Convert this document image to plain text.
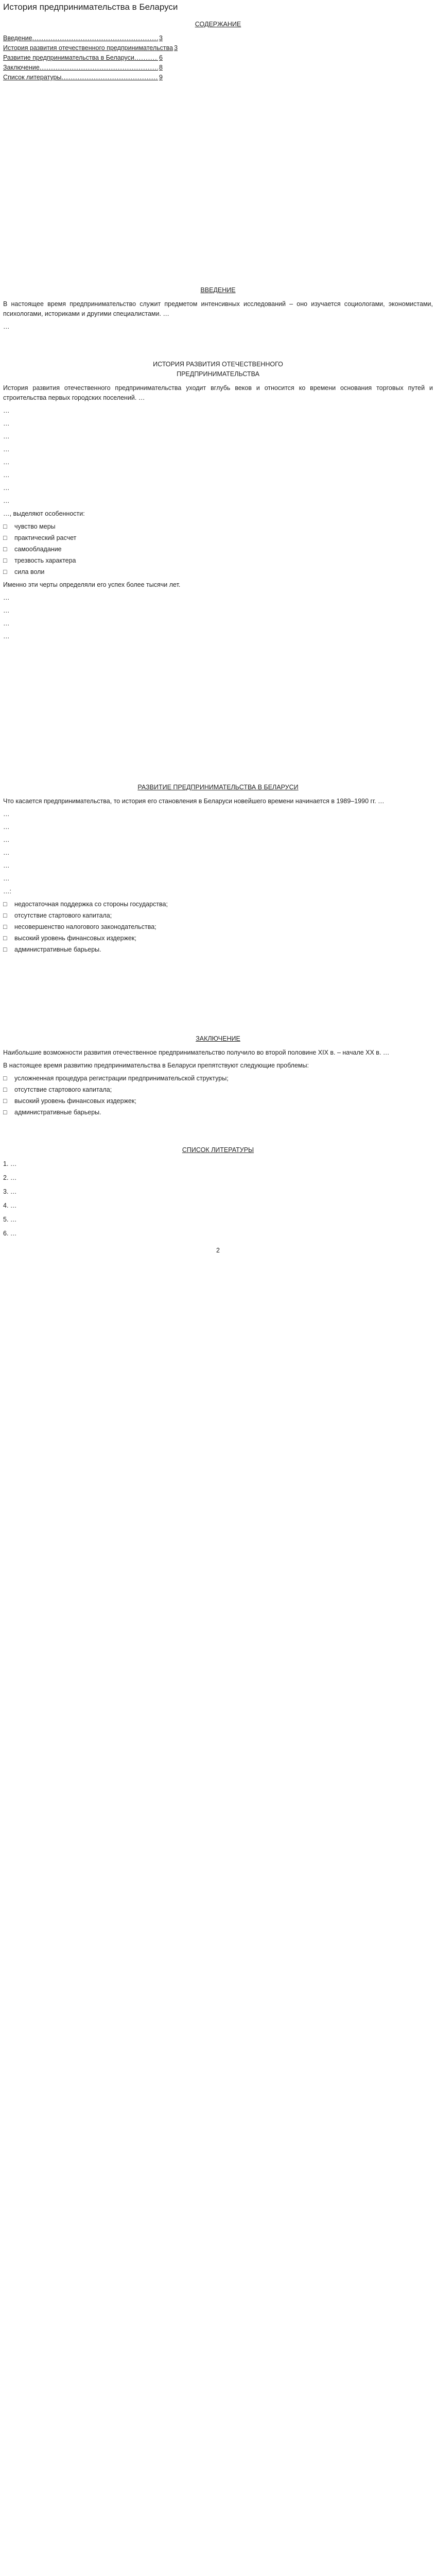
История предпринимательства в Беларуси
СОДЕРЖАНИЕ
Введение .....	3
История развития отечественного предпринимательства 3
Развитие предпринимательства в Беларуси .....	6
Заключение .....	8
Список литературы .....	9
ВВЕДЕНИЕ
В настоящее время предпринимательство служит предметом интенсивных исследований – оно изучается социологами, экономистами, психологами, историками и другими специалистами. …
…
ИСТОРИЯ РАЗВИТИЯ ОТЕЧЕСТВЕННОГО
ПРЕДПРИНИМАТЕЛЬСТВА
История развития отечественного предпринимательства уходит вглубь веков и относится ко времени основания торговых путей и строительства первых городских поселений. …
…
…
…
…
…
…
…
…
…, выделяют особенности:
□	чувство меры
□	практический расчет
□	самообладание
□	трезвость характера
□	сила воли
Именно эти черты определяли его успех более тысячи лет.
…
…
…
…
РАЗВИТИЕ ПРЕДПРИНИМАТЕЛЬСТВА В БЕЛАРУСИ
Что касается предпринимательства, то история его становления в Беларуси новейшего времени начинается в 1989–1990 гг. …
…
…
…
…
…
…
…:
□	недостаточная поддержка со стороны государства;
□	отсутствие стартового капитала;
□	несовершенство налогового законодательства;
□	высокий уровень финансовых издержек;
□	административные барьеры.
ЗАКЛЮЧЕНИЕ
Наибольшие возможности развития отечественное предпринимательство получило во второй половине XIX в. – начале XX в. …
В настоящее время развитию предпринимательства в Беларуси препятствуют следующие проблемы:
□	усложненная процедура регистрации предпринимательской структуры;
□	отсутствие стартового капитала;
□	высокий уровень финансовых издержек;
□	административные барьеры.
СПИСОК ЛИТЕРАТУРЫ
1. …
2. …
3. …
4. …
5. …
6. …
2
